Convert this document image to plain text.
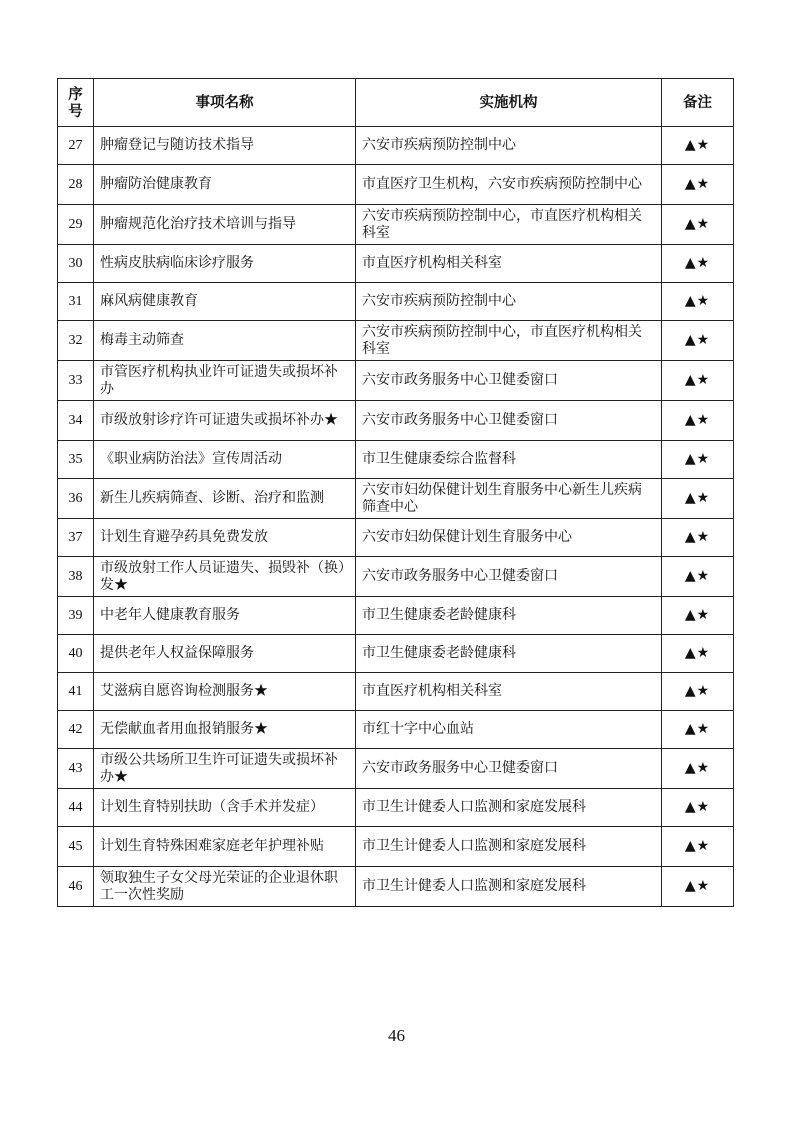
序号	事项名称	实施机构	备注
27	肿瘤登记与随访技术指导	六安市疾病预防控制中心	▲★
28	肿瘤防治健康教育	市直医疗卫生机构，六安市疾病预防控制中心	▲★
29	肿瘤规范化治疗技术培训与指导	六安市疾病预防控制中心，市直医疗机构相关科室	▲★
30	性病皮肤病临床诊疗服务	市直医疗机构相关科室	▲★
31	麻风病健康教育	六安市疾病预防控制中心	▲★
32	梅毒主动筛查	六安市疾病预防控制中心，市直医疗机构相关科室	▲★
33	市管医疗机构执业许可证遗失或损坏补办	六安市政务服务中心卫健委窗口	▲★
34	市级放射诊疗许可证遗失或损坏补办★	六安市政务服务中心卫健委窗口	▲★
35	《职业病防治法》宣传周活动	市卫生健康委综合监督科	▲★
36	新生儿疾病筛查、诊断、治疗和监测	六安市妇幼保健计划生育服务中心新生儿疾病筛查中心	▲★
37	计划生育避孕药具免费发放	六安市妇幼保健计划生育服务中心	▲★
38	市级放射工作人员证遗失、损毁补（换）发★	六安市政务服务中心卫健委窗口	▲★
39	中老年人健康教育服务	市卫生健康委老龄健康科	▲★
40	提供老年人权益保障服务	市卫生健康委老龄健康科	▲★
41	艾滋病自愿咨询检测服务★	市直医疗机构相关科室	▲★
42	无偿献血者用血报销服务★	市红十字中心血站	▲★
43	市级公共场所卫生许可证遗失或损坏补办★	六安市政务服务中心卫健委窗口	▲★
44	计划生育特别扶助（含手术并发症）	市卫生计健委人口监测和家庭发展科	▲★
45	计划生育特殊困难家庭老年护理补贴	市卫生计健委人口监测和家庭发展科	▲★
46	领取独生子女父母光荣证的企业退休职工一次性奖励	市卫生计健委人口监测和家庭发展科	▲★
46
